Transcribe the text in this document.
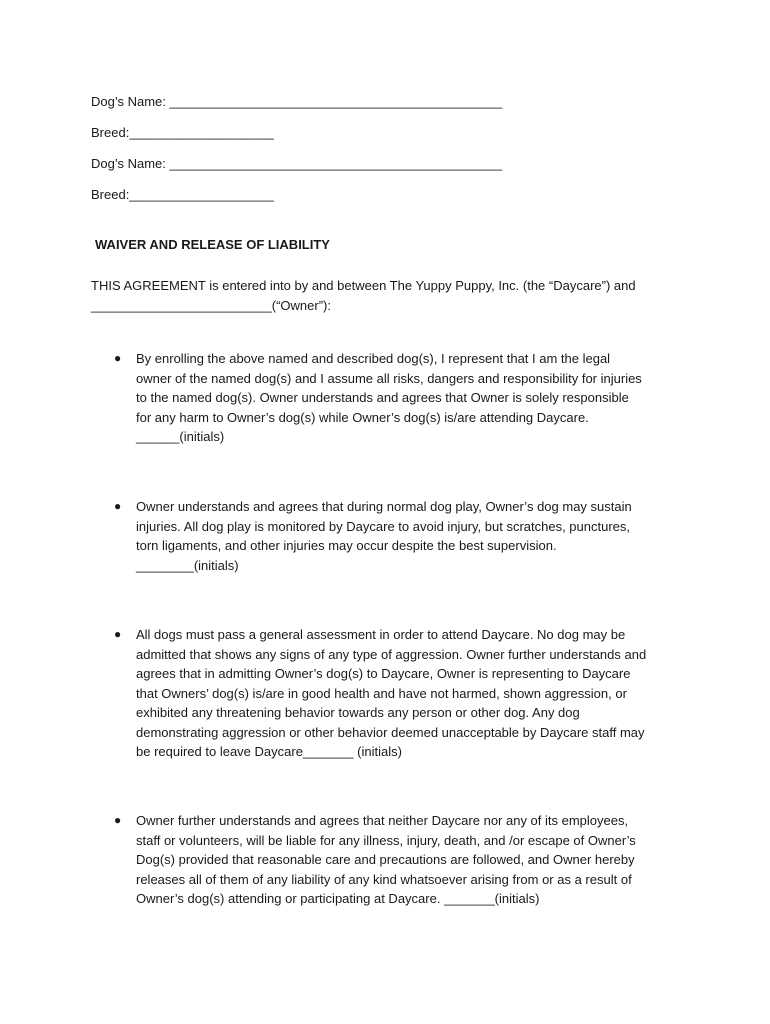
Dog’s Name: ______________________________________________
Breed:____________________
Dog’s Name: ______________________________________________
Breed:____________________
WAIVER AND RELEASE OF LIABILITY
THIS AGREEMENT is entered into by and between The Yuppy Puppy, Inc. (the “Daycare”) and
_________________________(“Owner”):
● By enrolling the above named and described dog(s), I represent that I am the legal
owner of the named dog(s) and I assume all risks, dangers and responsibility for injuries
to the named dog(s). Owner understands and agrees that Owner is solely responsible
for any harm to Owner’s dog(s) while Owner’s dog(s) is/are attending Daycare.
______(initials)
● Owner understands and agrees that during normal dog play, Owner’s dog may sustain
injuries. All dog play is monitored by Daycare to avoid injury, but scratches, punctures,
torn ligaments, and other injuries may occur despite the best supervision.
________(initials)
● All dogs must pass a general assessment in order to attend Daycare. No dog may be
admitted that shows any signs of any type of aggression. Owner further understands and
agrees that in admitting Owner’s dog(s) to Daycare, Owner is representing to Daycare
that Owners’ dog(s) is/are in good health and have not harmed, shown aggression, or
exhibited any threatening behavior towards any person or other dog. Any dog
demonstrating aggression or other behavior deemed unacceptable by Daycare staff may
be required to leave Daycare_______ (initials)
● Owner further understands and agrees that neither Daycare nor any of its employees,
staff or volunteers, will be liable for any illness, injury, death, and /or escape of Owner’s
Dog(s) provided that reasonable care and precautions are followed, and Owner hereby
releases all of them of any liability of any kind whatsoever arising from or as a result of
Owner’s dog(s) attending or participating at Daycare. _______(initials)
